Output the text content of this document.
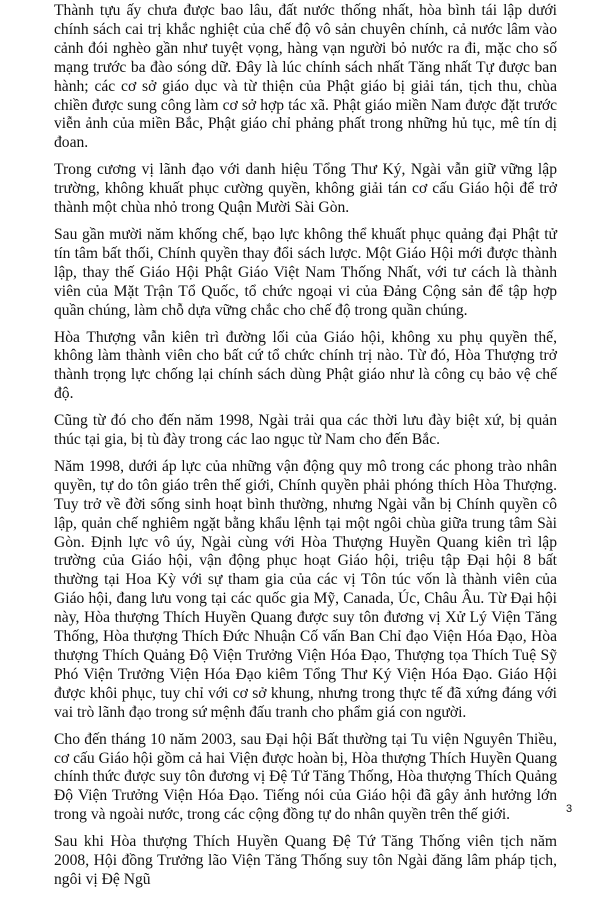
Thành tựu ấy chưa được bao lâu, đất nước thống nhất, hòa bình tái lập dưới chính sách cai trị khắc nghiệt của chế độ vô sản chuyên chính, cả nước lâm vào cảnh đói nghèo gần như tuyệt vọng, hàng vạn người bỏ nước ra đi, mặc cho số mạng trước ba đào sóng dữ. Đây là lúc chính sách nhất Tăng nhất Tự được ban hành; các cơ sở giáo dục và từ thiện của Phật giáo bị giải tán, tịch thu, chùa chiền được sung công làm cơ sở hợp tác xã. Phật giáo miền Nam được đặt trước viễn ảnh của miền Bắc, Phật giáo chỉ phảng phất trong những hủ tục, mê tín dị đoan.

Trong cương vị lãnh đạo với danh hiệu Tổng Thư Ký, Ngài vẫn giữ vững lập trường, không khuất phục cường quyền, không giải tán cơ cấu Giáo hội để trở thành một chùa nhỏ trong Quận Mười Sài Gòn.

Sau gần mười năm khống chế, bạo lực không thể khuất phục quảng đại Phật tử tín tâm bất thối, Chính quyền thay đổi sách lược. Một Giáo Hội mới được thành lập, thay thế Giáo Hội Phật Giáo Việt Nam Thống Nhất, với tư cách là thành viên của Mặt Trận Tổ Quốc, tổ chức ngoại vi của Đảng Cộng sản để tập hợp quần chúng, làm chỗ dựa vững chắc cho chế độ trong quần chúng.

Hòa Thượng vẫn kiên trì đường lối của Giáo hội, không xu phụ quyền thế, không làm thành viên cho bất cứ tổ chức chính trị nào. Từ đó, Hòa Thượng trở thành trọng lực chống lại chính sách dùng Phật giáo như là công cụ bảo vệ chế độ.

Cũng từ đó cho đến năm 1998, Ngài trải qua các thời lưu đày biệt xứ, bị quản thúc tại gia, bị tù đày trong các lao ngục từ Nam cho đến Bắc.

Năm 1998, dưới áp lực của những vận động quy mô trong các phong trào nhân quyền, tự do tôn giáo trên thế giới, Chính quyền phải phóng thích Hòa Thượng. Tuy trở về đời sống sinh hoạt bình thường, nhưng Ngài vẫn bị Chính quyền cô lập, quản chế nghiêm ngặt bằng khẩu lệnh tại một ngôi chùa giữa trung tâm Sài Gòn. Định lực vô úy, Ngài cùng với Hòa Thượng Huyền Quang kiên trì lập trường của Giáo hội, vận động phục hoạt Giáo hội, triệu tập Đại hội 8 bất thường tại Hoa Kỳ với sự tham gia của các vị Tôn túc vốn là thành viên của Giáo hội, đang lưu vong tại các quốc gia Mỹ, Canada, Úc, Châu Âu. Từ Đại hội này, Hòa thượng Thích Huyền Quang được suy tôn đương vị Xử Lý Viện Tăng Thống, Hòa thượng Thích Đức Nhuận Cố vấn Ban Chỉ đạo Viện Hóa Đạo, Hòa thượng Thích Quảng Độ Viện Trưởng Viện Hóa Đạo, Thượng tọa Thích Tuệ Sỹ Phó Viện Trưởng Viện Hóa Đạo kiêm Tổng Thư Ký Viện Hóa Đạo. Giáo Hội được khôi phục, tuy chỉ với cơ sở khung, nhưng trong thực tế đã xứng đáng với vai trò lãnh đạo trong sứ mệnh đấu tranh cho phẩm giá con người.

Cho đến tháng 10 năm 2003, sau Đại hội Bất thường tại Tu viện Nguyên Thiều, cơ cấu Giáo hội gồm cả hai Viện được hoàn bị, Hòa thượng Thích Huyền Quang chính thức được suy tôn đương vị Đệ Tứ Tăng Thống, Hòa thượng Thích Quảng Độ Viện Trưởng Viện Hóa Đạo. Tiếng nói của Giáo hội đã gây ảnh hưởng lớn trong và ngoài nước, trong các cộng đồng tự do nhân quyền trên thế giới.

Sau khi Hòa thượng Thích Huyền Quang Đệ Tứ Tăng Thống viên tịch năm 2008, Hội đồng Trưởng lão Viện Tăng Thống suy tôn Ngài đăng lâm pháp tịch, ngôi vị Đệ Ngũ

3
